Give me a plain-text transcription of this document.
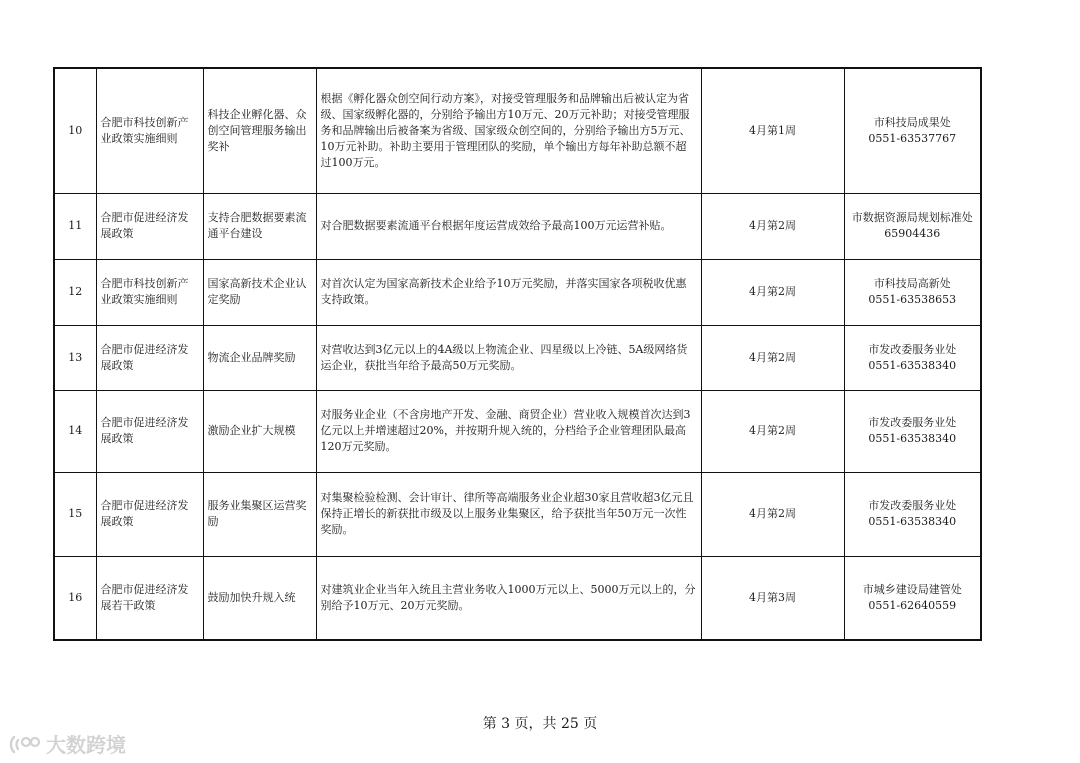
10	合肥市科技创新产业政策实施细则	科技企业孵化器、众创空间管理服务输出奖补	根据《孵化器众创空间行动方案》，对接受管理服务和品牌输出后被认定为省级、国家级孵化器的，分别给予输出方10万元、20万元补助；对接受管理服务和品牌输出后被备案为省级、国家级众创空间的，分别给予输出方5万元、10万元补助。补助主要用于管理团队的奖励，单个输出方每年补助总额不超过100万元。	4月第1周	市科技局成果处
0551-63537767

11	合肥市促进经济发展政策	支持合肥数据要素流通平台建设	对合肥数据要素流通平台根据年度运营成效给予最高100万元运营补贴。	4月第2周	市数据资源局规划标准处
65904436

12	合肥市科技创新产业政策实施细则	国家高新技术企业认定奖励	对首次认定为国家高新技术企业给予10万元奖励，并落实国家各项税收优惠支持政策。	4月第2周	市科技局高新处
0551-63538653

13	合肥市促进经济发展政策	物流企业品牌奖励	对营收达到3亿元以上的4A级以上物流企业、四星级以上冷链、5A级网络货运企业，获批当年给予最高50万元奖励。	4月第2周	市发改委服务业处
0551-63538340

14	合肥市促进经济发展政策	激励企业扩大规模	对服务业企业（不含房地产开发、金融、商贸企业）营业收入规模首次达到3亿元以上并增速超过20%，并按期升规入统的，分档给予企业管理团队最高120万元奖励。	4月第2周	市发改委服务业处
0551-63538340

15	合肥市促进经济发展政策	服务业集聚区运营奖励	对集聚检验检测、会计审计、律所等高端服务业企业超30家且营收超3亿元且保持正增长的新获批市级及以上服务业集聚区，给予获批当年50万元一次性奖励。	4月第2周	市发改委服务业处
0551-63538340

16	合肥市促进经济发展若干政策	鼓励加快升规入统	对建筑业企业当年入统且主营业务收入1000万元以上、5000万元以上的，分别给予10万元、20万元奖励。	4月第3周	市城乡建设局建管处
0551-62640559
第 3 页，共 25 页
大数跨境
